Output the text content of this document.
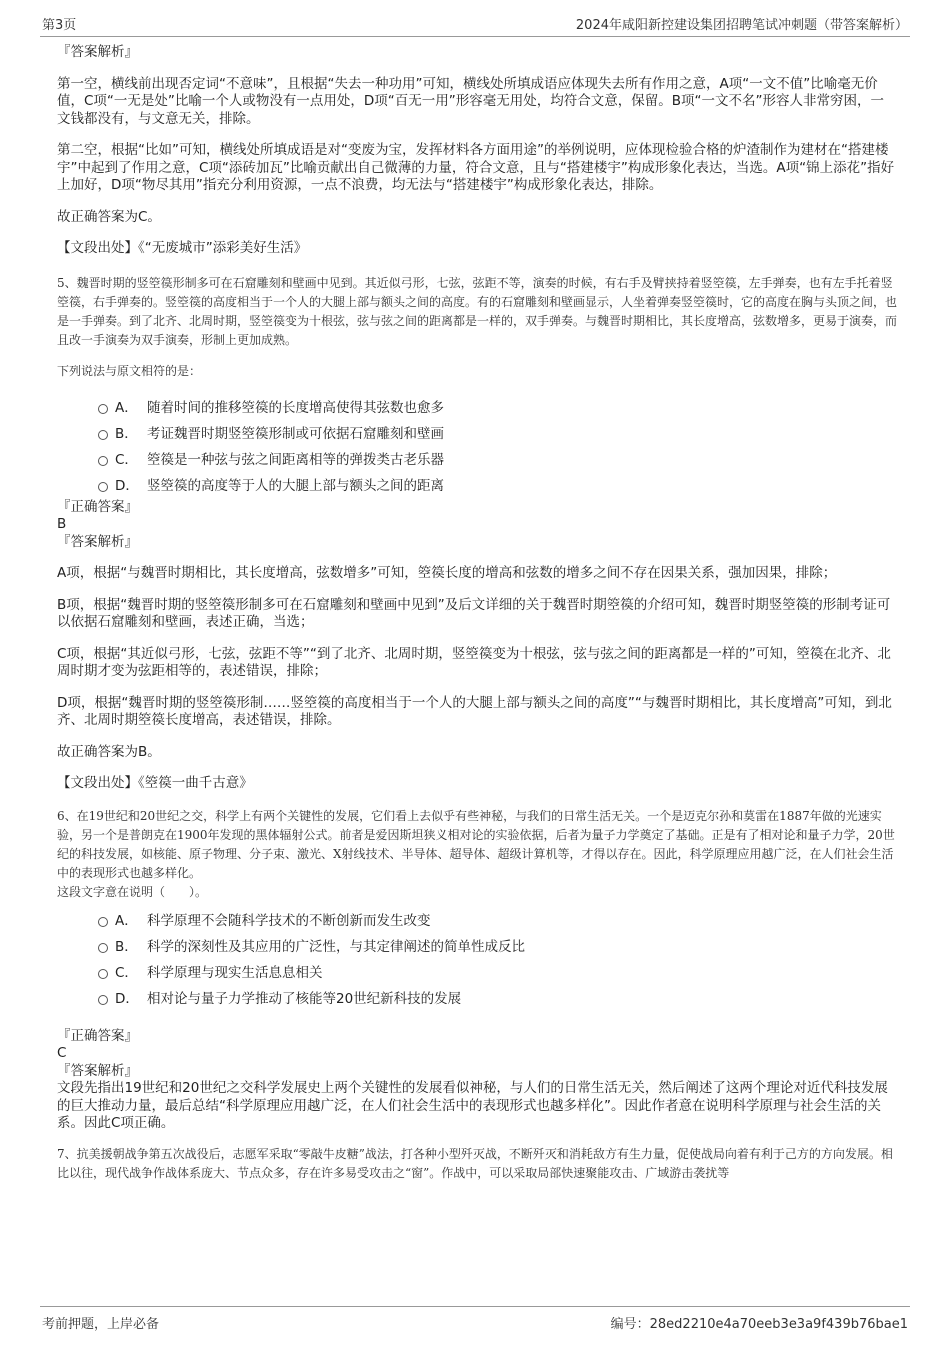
第3页	2024年咸阳新控建设集团招聘笔试冲刺题（带答案解析）
『答案解析』

第一空，横线前出现否定词“不意味”，且根据“失去一种功用”可知，横线处所填成语应体现失去所有作用之意，A项“一文不值”比喻毫无价值，C项“一无是处”比喻一个人或物没有一点用处，D项“百无一用”形容毫无用处，均符合文意，保留。B项“一文不名”形容人非常穷困，一文钱都没有，与文意无关，排除。

第二空，根据“比如”可知，横线处所填成语是对“变废为宝，发挥材料各方面用途”的举例说明，应体现检验合格的炉渣制作为建材在“搭建楼宇”中起到了作用之意，C项“添砖加瓦”比喻贡献出自己微薄的力量，符合文意，且与“搭建楼宇”构成形象化表达，当选。A项“锦上添花”指好上加好，D项“物尽其用”指充分利用资源，一点不浪费，均无法与“搭建楼宇”构成形象化表达，排除。

故正确答案为C。

【文段出处】《“无废城市”添彩美好生活》

5、魏晋时期的竖箜篌形制多可在石窟雕刻和壁画中见到。其近似弓形，七弦，弦距不等，演奏的时候，有右手及臂挟持着竖箜篌，左手弹奏，也有左手托着竖箜篌，右手弹奏的。竖箜篌的高度相当于一个人的大腿上部与额头之间的高度。有的石窟雕刻和壁画显示，人坐着弹奏竖箜篌时，它的高度在胸与头顶之间，也是一手弹奏。到了北齐、北周时期，竖箜篌变为十根弦，弦与弦之间的距离都是一样的，双手弹奏。与魏晋时期相比，其长度增高，弦数增多，更易于演奏，而且改一手演奏为双手演奏，形制上更加成熟。

下列说法与原文相符的是：

A． 随着时间的推移箜篌的长度增高使得其弦数也愈多
B． 考证魏晋时期竖箜篌形制或可依据石窟雕刻和壁画
C． 箜篌是一种弦与弦之间距离相等的弹拨类古老乐器
D． 竖箜篌的高度等于人的大腿上部与额头之间的距离
『正确答案』
B
『答案解析』

A项，根据“与魏晋时期相比，其长度增高，弦数增多”可知，箜篌长度的增高和弦数的增多之间不存在因果关系，强加因果，排除；

B项，根据“魏晋时期的竖箜篌形制多可在石窟雕刻和壁画中见到”及后文详细的关于魏晋时期箜篌的介绍可知，魏晋时期竖箜篌的形制考证可以依据石窟雕刻和壁画，表述正确，当选；

C项，根据“其近似弓形，七弦，弦距不等”“到了北齐、北周时期，竖箜篌变为十根弦，弦与弦之间的距离都是一样的”可知，箜篌在北齐、北周时期才变为弦距相等的，表述错误，排除；

D项，根据“魏晋时期的竖箜篌形制……竖箜篌的高度相当于一个人的大腿上部与额头之间的高度”“与魏晋时期相比，其长度增高”可知，到北齐、北周时期箜篌长度增高，表述错误，排除。

故正确答案为B。

【文段出处】《箜篌一曲千古意》

6、在19世纪和20世纪之交，科学上有两个关键性的发展，它们看上去似乎有些神秘，与我们的日常生活无关。一个是迈克尔孙和莫雷在1887年做的光速实验，另一个是普朗克在1900年发现的黑体辐射公式。前者是爱因斯坦狭义相对论的实验依据，后者为量子力学奠定了基础。正是有了相对论和量子力学，20世纪的科技发展，如核能、原子物理、分子束、激光、X射线技术、半导体、超导体、超级计算机等，才得以存在。因此，科学原理应用越广泛，在人们社会生活中的表现形式也越多样化。

这段文字意在说明（　　）。

A． 科学原理不会随科学技术的不断创新而发生改变
B． 科学的深刻性及其应用的广泛性，与其定律阐述的简单性成反比
C． 科学原理与现实生活息息相关
D． 相对论与量子力学推动了核能等20世纪新科技的发展
『正确答案』
C
『答案解析』

文段先指出19世纪和20世纪之交科学发展史上两个关键性的发展看似神秘，与人们的日常生活无关，然后阐述了这两个理论对近代科技发展的巨大推动力量，最后总结“科学原理应用越广泛，在人们社会生活中的表现形式也越多样化”。因此作者意在说明科学原理与社会生活的关系。因此C项正确。

7、抗美援朝战争第五次战役后，志愿军采取“零敲牛皮糖”战法，打各种小型歼灭战，不断歼灭和消耗敌方有生力量，促使战局向着有利于己方的方向发展。相比以往，现代战争作战体系庞大、节点众多，存在许多易受攻击之“窗”。作战中，可以采取局部快速聚能攻击、广域游击袭扰等

考前押题，上岸必备	编号：28ed2210e4a70eeb3e3a9f439b76bae1
